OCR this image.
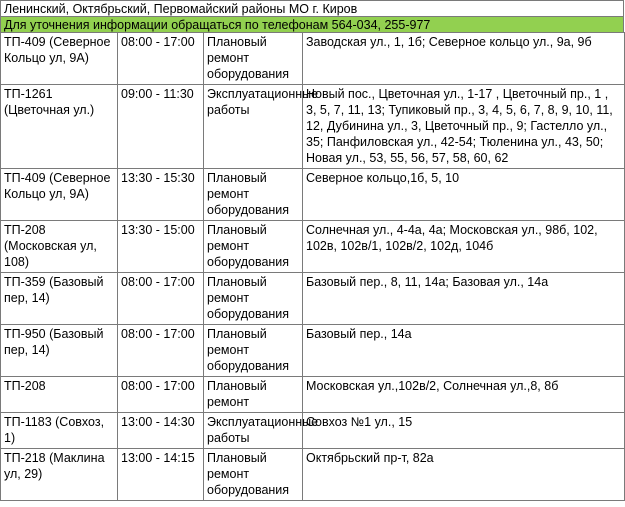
Ленинский, Октябрьский, Первомайский районы МО г. Киров
Для уточнения информации обращаться по телефонам 564-034, 255-977
ТП-409 (Северное Кольцо ул, 9А)	08:00 - 17:00	Плановый ремонт оборудования	Заводская ул., 1, 1б; Северное кольцо ул., 9а, 9б
ТП-1261 (Цветочная ул.)	09:00 - 11:30	Эксплуатационные работы	Новый пос., Цветочная ул., 1-17 , Цветочный пр., 1 , 3, 5, 7, 11, 13; Тупиковый пр., 3, 4, 5, 6, 7, 8, 9, 10, 11, 12, Дубинина ул., 3, Цветочный пр., 9; Гастелло ул., 35; Панфиловская ул., 42-54; Тюленина ул., 43, 50; Новая ул., 53, 55, 56, 57, 58, 60, 62
ТП-409 (Северное Кольцо ул, 9А)	13:30 - 15:30	Плановый ремонт оборудования	Северное кольцо,1б, 5, 10
ТП-208 (Московская ул, 108)	13:30 - 15:00	Плановый ремонт оборудования	Солнечная ул., 4-4а, 4а; Московская ул., 98б, 102, 102в, 102в/1, 102в/2, 102д, 104б
ТП-359 (Базовый пер, 14)	08:00 - 17:00	Плановый ремонт оборудования	Базовый пер., 8, 11, 14а; Базовая ул., 14а
ТП-950 (Базовый пер, 14)	08:00 - 17:00	Плановый ремонт оборудования	Базовый пер., 14а
ТП-208	08:00 - 17:00	Плановый ремонт	Московская ул.,102в/2, Солнечная ул.,8, 8б
ТП-1183 (Совхоз, 1)	13:00 - 14:30	Эксплуатационные работы	Совхоз №1 ул., 15
ТП-218 (Маклина ул, 29)	13:00 - 14:15	Плановый ремонт оборудования	Октябрьский пр-т, 82а
